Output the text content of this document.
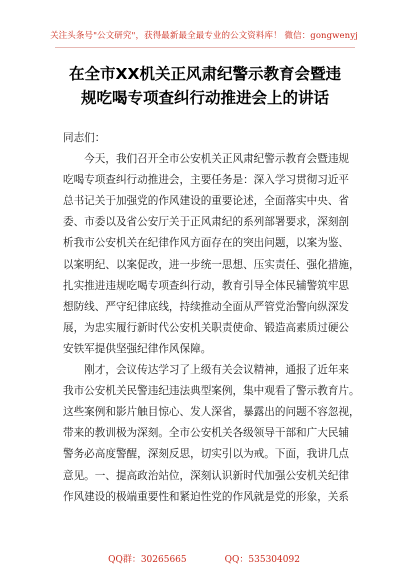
关注头条号"公文研究"，获得最新最全最专业的公文资料库！ 微信：gongwenyj
在全市XX机关正风肃纪警示教育会暨违
规吃喝专项查纠行动推进会上的讲话
同志们：
　　今天，我们召开全市公安机关正风肃纪警示教育会暨违规
吃喝专项查纠行动推进会，主要任务是：深入学习贯彻习近平
总书记关于加强党的作风建设的重要论述，全面落实中央、省
委、市委以及省公安厅关于正风肃纪的系列部署要求，深刻剖
析我市公安机关在纪律作风方面存在的突出问题，以案为鉴、
以案明纪、以案促改，进一步统一思想、压实责任、强化措施，
扎实推进违规吃喝专项查纠行动，教育引导全体民辅警筑牢思
想防线、严守纪律底线，持续推动全面从严管党治警向纵深发
展，为忠实履行新时代公安机关职责使命、锻造高素质过硬公
安铁军提供坚强纪律作风保障。
　　刚才，会议传达学习了上级有关会议精神，通报了近年来
我市公安机关民警违纪违法典型案例，集中观看了警示教育片。
这些案例和影片触目惊心、发人深省，暴露出的问题不容忽视，
带来的教训极为深刻。全市公安机关各级领导干部和广大民辅
警务必高度警醒，深刻反思，切实引以为戒。下面，我讲几点
意见。一、提高政治站位，深刻认识新时代加强公安机关纪律
作风建设的极端重要性和紧迫性党的作风就是党的形象，关系
QQ群：30265665	QQ：535304092
